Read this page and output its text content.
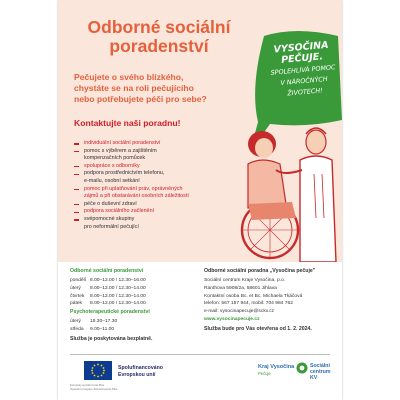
Odborné sociální
poradenství
Pečujete o svého blízkého,
chystáte se na roli pečujícího
nebo potřebujete péči pro sebe?
Kontaktujte naši poradnu!
VYSOČINA
PEČUJE.
SPOLEHLIVÁ POMOC
V NÁROČNÝCH
ŽIVOTECH!
individuální sociální poradenství
pomoc s výběrem a zajištěním
kompenzačních pomůcek
spolupráce s odborníky
podpora prostřednictvím telefonu,
e-mailu, osobní setkání
pomoc při uplatňování práv, oprávněných
zájmů a při obstarávání osobních záležitostí
péče o duševní zdraví
podpora sociálního začlenění
svépomocné skupiny
pro neformální pečující
Odborné sociální poradenství
pondělí 8.00–12.00 / 12.30–16.00
úterý	8.00–12.00 / 12.30–14.00
čtvrtek	8.00–12.00 / 12.30–14.00
pátek	8.00–12.00 / 12.30–14.00
Psychoterapeutické poradenství
úterý	15.30–17.30
středa	9.00–11.00
Služba je poskytována bezplatně.
Odborné sociální poradna „Vysočina pečuje"
Sociální centrum Kraje Vysočina, p.o.
Ranthova 5908/2a, 58601 Jihlava
Kontaktní osoba Bc. et Bc. Michaela Tkáčová
telefon: 567 157 944, mobil: 704 984 762
e-mail: vysocinapecuje@sckv.cz
www.vysocinapecuje.cz
Služba bude pro Vás otevřena od 1. 2. 2024.
Spolufinancováno
Evropskou unií
Kraj Vysočina
Pečuje
Sociální
centrum KV
Evropský sociální fond Plus
Operační program Zaměstnanost Plus
